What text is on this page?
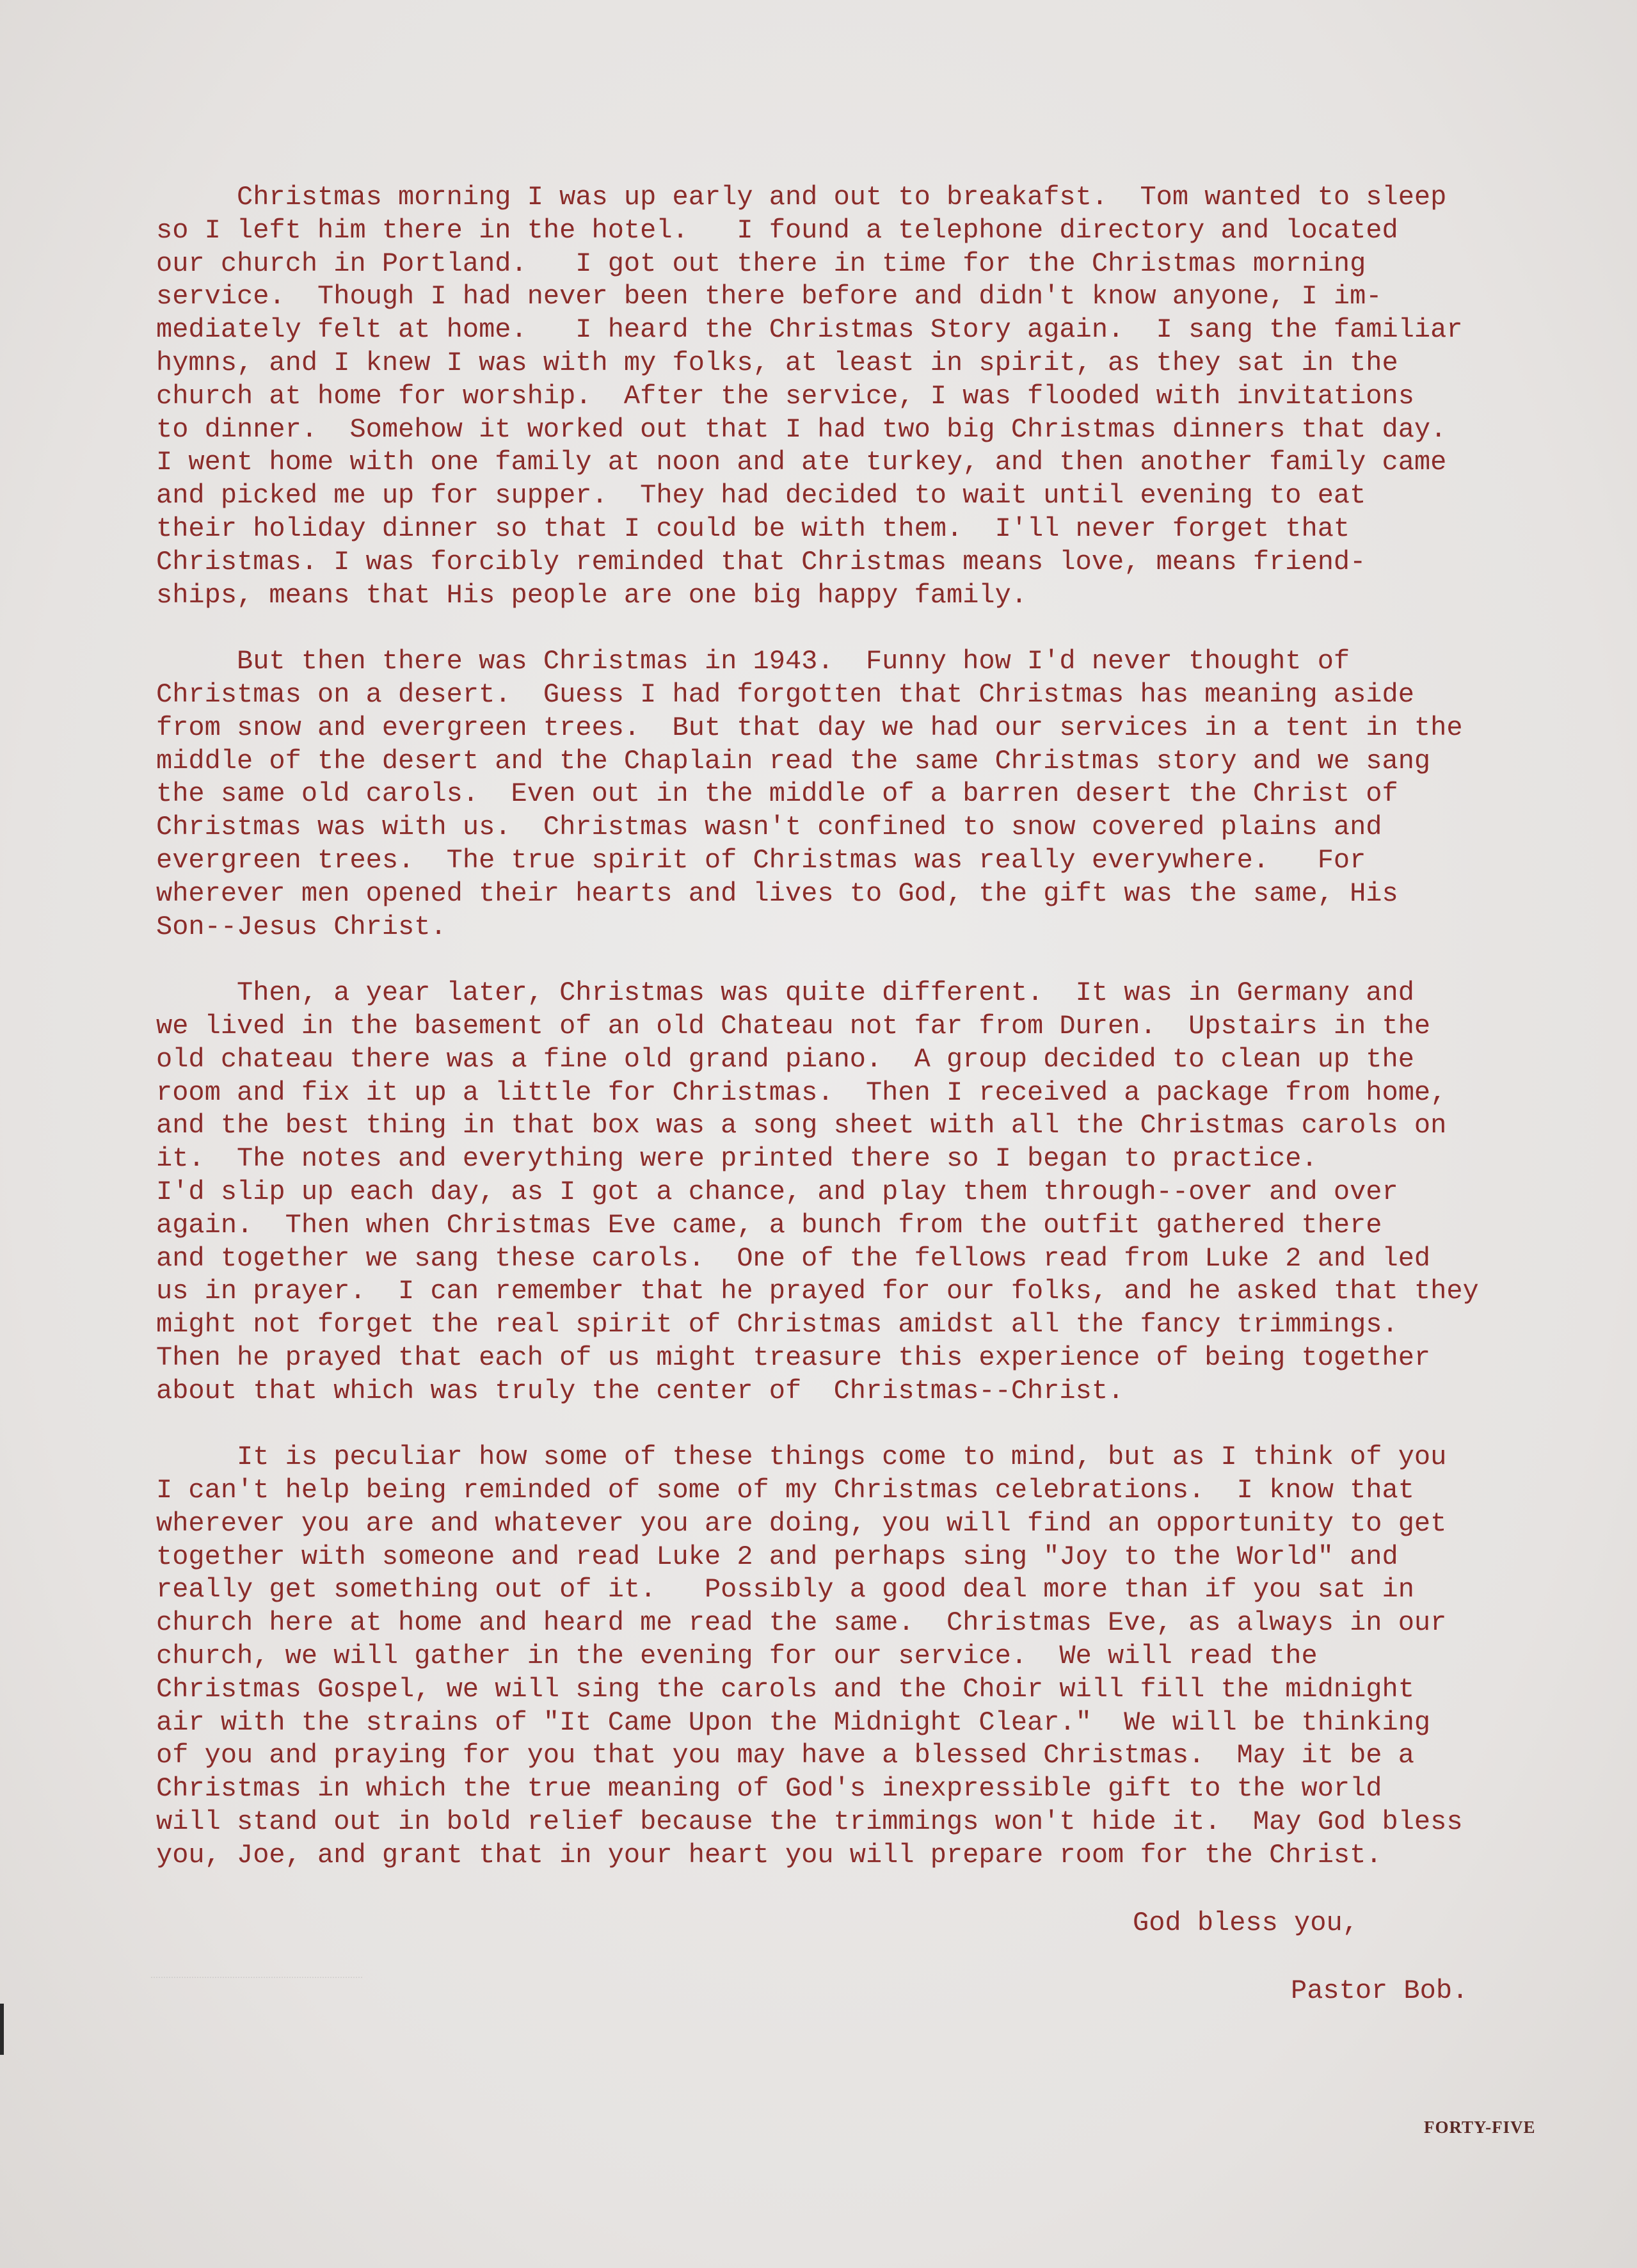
Christmas morning I was up early and out to breakafst.  Tom wanted to sleep
so I left him there in the hotel.   I found a telephone directory and located
our church in Portland.   I got out there in time for the Christmas morning
service.  Though I had never been there before and didn't know anyone, I im-
mediately felt at home.   I heard the Christmas Story again.  I sang the familiar
hymns, and I knew I was with my folks, at least in spirit, as they sat in the
church at home for worship.  After the service, I was flooded with invitations
to dinner.  Somehow it worked out that I had two big Christmas dinners that day.
I went home with one family at noon and ate turkey, and then another family came
and picked me up for supper.  They had decided to wait until evening to eat
their holiday dinner so that I could be with them.  I'll never forget that
Christmas. I was forcibly reminded that Christmas means love, means friend-
ships, means that His people are one big happy family.
But then there was Christmas in 1943.  Funny how I'd never thought of
Christmas on a desert.  Guess I had forgotten that Christmas has meaning aside
from snow and evergreen trees.  But that day we had our services in a tent in the
middle of the desert and the Chaplain read the same Christmas story and we sang
the same old carols.  Even out in the middle of a barren desert the Christ of
Christmas was with us.  Christmas wasn't confined to snow covered plains and
evergreen trees.  The true spirit of Christmas was really everywhere.   For
wherever men opened their hearts and lives to God, the gift was the same, His
Son--Jesus Christ.
Then, a year later, Christmas was quite different.  It was in Germany and
we lived in the basement of an old Chateau not far from Duren.  Upstairs in the
old chateau there was a fine old grand piano.  A group decided to clean up the
room and fix it up a little for Christmas.  Then I received a package from home,
and the best thing in that box was a song sheet with all the Christmas carols on
it.  The notes and everything were printed there so I began to practice.
I'd slip up each day, as I got a chance, and play them through--over and over
again.  Then when Christmas Eve came, a bunch from the outfit gathered there
and together we sang these carols.  One of the fellows read from Luke 2 and led
us in prayer.  I can remember that he prayed for our folks, and he asked that they
might not forget the real spirit of Christmas amidst all the fancy trimmings.
Then he prayed that each of us might treasure this experience of being together
about that which was truly the center of  Christmas--Christ.
It is peculiar how some of these things come to mind, but as I think of you
I can't help being reminded of some of my Christmas celebrations.  I know that
wherever you are and whatever you are doing, you will find an opportunity to get
together with someone and read Luke 2 and perhaps sing "Joy to the World" and
really get something out of it.   Possibly a good deal more than if you sat in
church here at home and heard me read the same.  Christmas Eve, as always in our
church, we will gather in the evening for our service.  We will read the
Christmas Gospel, we will sing the carols and the Choir will fill the midnight
air with the strains of "It Came Upon the Midnight Clear."  We will be thinking
of you and praying for you that you may have a blessed Christmas.  May it be a
Christmas in which the true meaning of God's inexpressible gift to the world
will stand out in bold relief because the trimmings won't hide it.  May God bless
you, Joe, and grant that in your heart you will prepare room for the Christ.
God bless you,
Pastor Bob.
FORTY-FIVE
